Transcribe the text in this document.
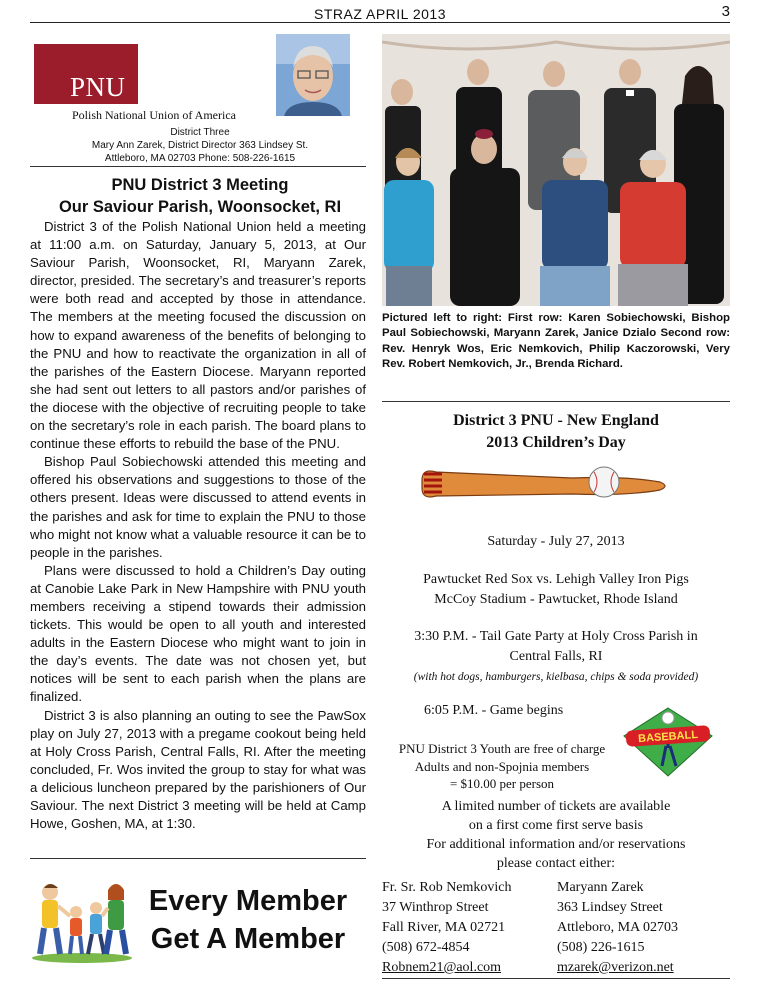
STRAZ APRIL 2013	3
PNU
Polish National Union of America
District Three
Mary Ann Zarek, District Director 363 Lindsey St.
Attleboro, MA 02703 Phone: 508-226-1615
PNU District 3 Meeting
Our Saviour Parish, Woonsocket, RI

District 3 of the Polish National Union held a meeting at 11:00 a.m. on Saturday, January 5, 2013, at Our Saviour Parish, Woonsocket, RI, Maryann Zarek, director, presided. The secretary’s and treasurer’s reports were both read and accepted by those in attendance. The members at the meeting focused the discussion on how to expand awareness of the benefits of belonging to the PNU and how to reactivate the organization in all of the parishes of the Eastern Diocese. Maryann reported she had sent out letters to all pastors and/or parishes of the diocese with the objective of recruiting people to take on the secretary’s role in each parish. The board plans to continue these efforts to rebuild the base of the PNU.

Bishop Paul Sobiechowski attended this meeting and offered his observations and suggestions to those of the others present. Ideas were discussed to attend events in the parishes and ask for time to explain the PNU to those who might not know what a valuable resource it can be to people in the parishes.

Plans were discussed to hold a Children’s Day outing at Canobie Lake Park in New Hampshire with PNU youth members receiving a stipend towards their admission tickets. This would be open to all youth and interested adults in the Eastern Diocese who might want to join in the day’s events. The date was not chosen yet, but notices will be sent to each parish when the plans are finalized.

District 3 is also planning an outing to see the PawSox play on July 27, 2013 with a pregame cookout being held at Holy Cross Parish, Central Falls, RI. After the meeting concluded, Fr. Wos invited the group to stay for what was a delicious luncheon prepared by the parishioners of Our Saviour. The next District 3 meeting will be held at Camp Howe, Goshen, MA, at 1:30.

Pictured left to right: First row: Karen Sobiechowski, Bishop Paul Sobiechowski, Maryann Zarek, Janice Dzialo Second row: Rev. Henryk Wos, Eric Nemkovich, Philip Kaczorowski, Very Rev. Robert Nemkovich, Jr., Brenda Richard.
District 3 PNU - New England
2013 Children’s Day
Saturday - July 27, 2013
Pawtucket Red Sox vs. Lehigh Valley Iron Pigs
McCoy Stadium - Pawtucket, Rhode Island
3:30 P.M. - Tail Gate Party at Holy Cross Parish in
Central Falls, RI
(with hot dogs, hamburgers, kielbasa, chips & soda provided)
6:05 P.M. - Game begins
BASEBALL
PNU District 3 Youth are free of charge
Adults and non-Spojnia members
= $10.00 per person
A limited number of tickets are available
on a first come first serve basis
For additional information and/or reservations
please contact either:
Fr. Sr. Rob Nemkovich
37 Winthrop Street
Fall River, MA 02721
(508) 672-4854
Robnem21@aol.com
Maryann Zarek
363 Lindsey Street
Attleboro, MA 02703
(508) 226-1615
mzarek@verizon.net
Every Member
Get A Member
